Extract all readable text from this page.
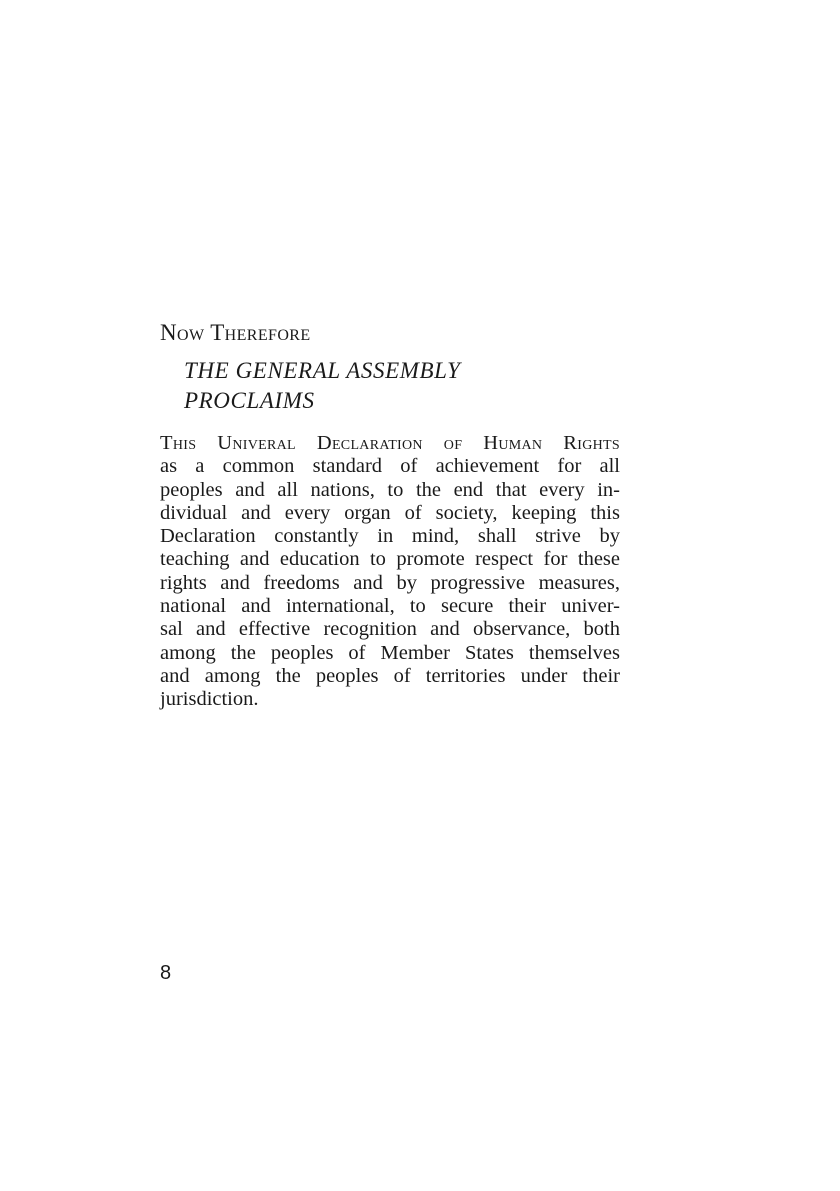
Now Therefore

THE GENERAL ASSEMBLY
PROCLAIMS
This Univeral Declaration of Human Rights
as a common standard of achievement for all
peoples and all nations, to the end that every in-
dividual and every organ of society, keeping this
Declaration constantly in mind, shall strive by
teaching and education to promote respect for these
rights and freedoms and by progressive measures,
national and international, to secure their univer-
sal and effective recognition and observance, both
among the peoples of Member States themselves
and among the peoples of territories under their
jurisdiction.

8
